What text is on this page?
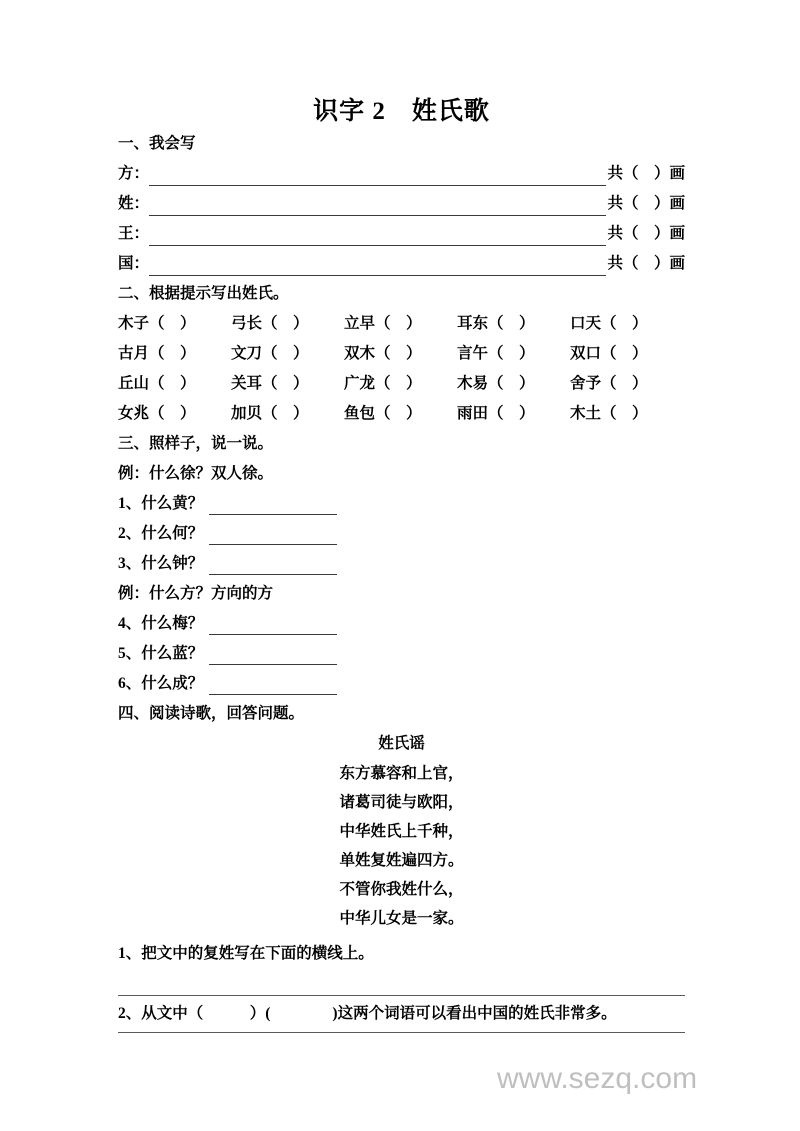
识字 2　姓氏歌
一、我会写
方：	共（　）画
姓：	共（　）画
王：	共（　）画
国：	共（　）画
二、根据提示写出姓氏。
木子（　）	弓长（　）	立早（　）	耳东（　）	口天（　）
古月（　）	文刀（　）	双木（　）	言午（　）	双口（　）
丘山（　）	关耳（　）	广龙（　）	木易（　）	舍予（　）
女兆（　）	加贝（　）	鱼包（　）	雨田（　）	木土（　）
三、照样子，说一说。
例：什么徐？双人徐。
1、什么黄？
2、什么何？
3、什么钟？
例：什么方？方向的方
4、什么梅？
5、什么蓝？
6、什么成？
四、阅读诗歌，回答问题。
姓氏谣
东方慕容和上官，
诸葛司徒与欧阳，
中华姓氏上千种，
单姓复姓遍四方。
不管你我姓什么，
中华儿女是一家。
1、把文中的复姓写在下面的横线上。
2、从文中（　　　）(　　　　)这两个词语可以看出中国的姓氏非常多。
www.sezq.com
